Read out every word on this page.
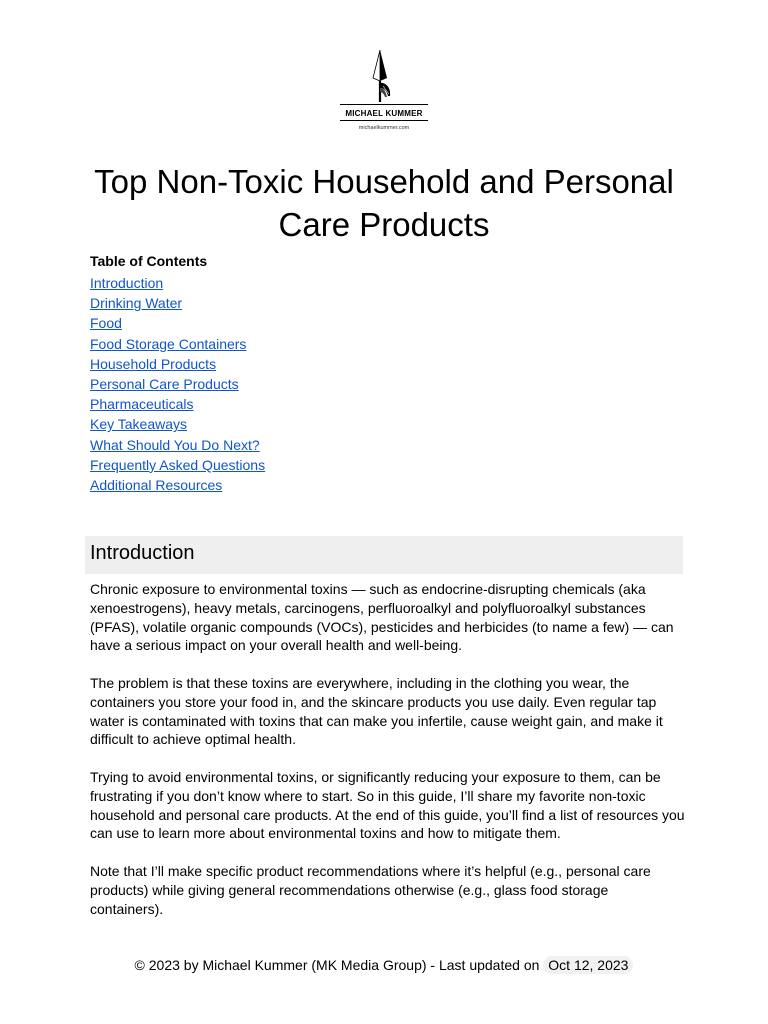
MICHAEL KUMMER
michaelkummer.com
Top Non-Toxic Household and Personal Care Products
Table of Contents
Introduction
Drinking Water
Food
Food Storage Containers
Household Products
Personal Care Products
Pharmaceuticals
Key Takeaways
What Should You Do Next?
Frequently Asked Questions
Additional Resources
Introduction

Chronic exposure to environmental toxins — such as endocrine-disrupting chemicals (aka xenoestrogens), heavy metals, carcinogens, perfluoroalkyl and polyfluoroalkyl substances (PFAS), volatile organic compounds (VOCs), pesticides and herbicides (to name a few) — can have a serious impact on your overall health and well-being.

The problem is that these toxins are everywhere, including in the clothing you wear, the containers you store your food in, and the skincare products you use daily. Even regular tap water is contaminated with toxins that can make you infertile, cause weight gain, and make it difficult to achieve optimal health.

Trying to avoid environmental toxins, or significantly reducing your exposure to them, can be frustrating if you don’t know where to start. So in this guide, I’ll share my favorite non-toxic household and personal care products. At the end of this guide, you’ll find a list of resources you can use to learn more about environmental toxins and how to mitigate them.

Note that I’ll make specific product recommendations where it’s helpful (e.g., personal care products) while giving general recommendations otherwise (e.g., glass food storage containers).

© 2023 by Michael Kummer (MK Media Group) - Last updated on Oct 12, 2023
